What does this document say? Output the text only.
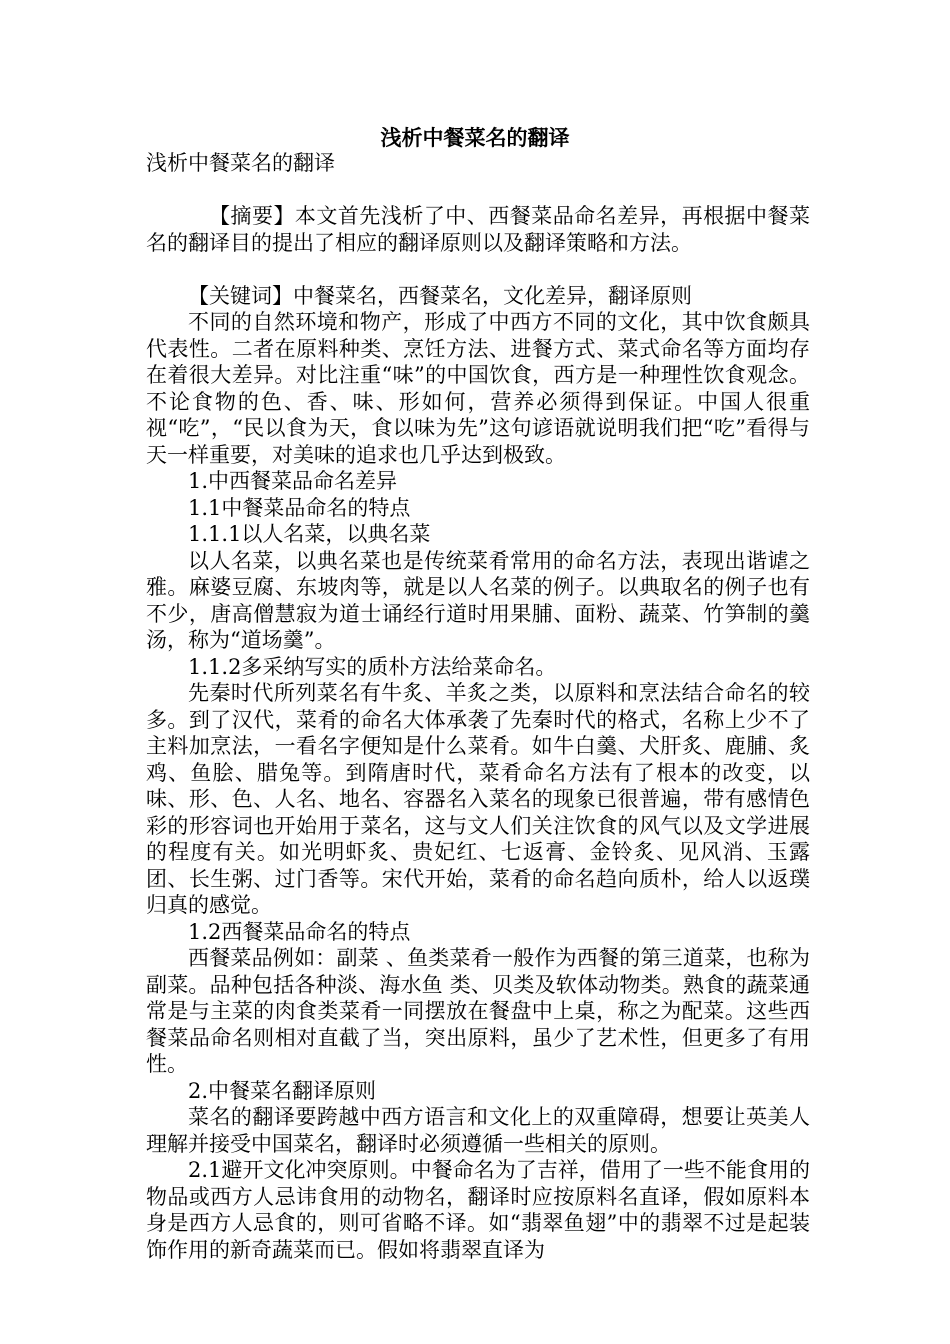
浅析中餐菜名的翻译

浅析中餐菜名的翻译

【摘要】本文首先浅析了中、西餐菜品命名差异，再根据中餐菜名的翻译目的提出了相应的翻译原则以及翻译策略和方法。

【关键词】中餐菜名，西餐菜名，文化差异，翻译原则

不同的自然环境和物产，形成了中西方不同的文化，其中饮食颇具代表性。二者在原料种类、烹饪方法、进餐方式、菜式命名等方面均存在着很大差异。对比注重“味”的中国饮食，西方是一种理性饮食观念。不论食物的色、香、味、形如何，营养必须得到保证。中国人很重视“吃”，“民以食为天，食以味为先”这句谚语就说明我们把“吃”看得与天一样重要，对美味的追求也几乎达到极致。

1.中西餐菜品命名差异

1.1中餐菜品命名的特点

1.1.1以人名菜，以典名菜

以人名菜，以典名菜也是传统菜肴常用的命名方法，表现出谐谑之雅。麻婆豆腐、东坡肉等，就是以人名菜的例子。以典取名的例子也有不少，唐高僧慧寂为道士诵经行道时用果脯、面粉、蔬菜、竹笋制的羹汤，称为“道场羹”。

1.1.2多采纳写实的质朴方法给菜命名。

先秦时代所列菜名有牛炙、羊炙之类，以原料和烹法结合命名的较多。到了汉代，菜肴的命名大体承袭了先秦时代的格式，名称上少不了主料加烹法，一看名字便知是什么菜肴。如牛白羹、犬肝炙、鹿脯、炙鸡、鱼脍、腊兔等。到隋唐时代，菜肴命名方法有了根本的改变，以味、形、色、人名、地名、容器名入菜名的现象已很普遍，带有感情色彩的形容词也开始用于菜名，这与文人们关注饮食的风气以及文学进展的程度有关。如光明虾炙、贵妃红、七返膏、金铃炙、见风消、玉露团、长生粥、过门香等。宋代开始，菜肴的命名趋向质朴，给人以返璞归真的感觉。

1.2西餐菜品命名的特点

西餐菜品例如：副菜 、鱼类菜肴一般作为西餐的第三道菜，也称为副菜。品种包括各种淡、海水鱼 类、贝类及软体动物类。熟食的蔬菜通常是与主菜的肉食类菜肴一同摆放在餐盘中上桌，称之为配菜。这些西餐菜品命名则相对直截了当，突出原料，虽少了艺术性，但更多了有用性。

2.中餐菜名翻译原则

菜名的翻译要跨越中西方语言和文化上的双重障碍，想要让英美人理解并接受中国菜名，翻译时必须遵循一些相关的原则。

2.1避开文化冲突原则。中餐命名为了吉祥，借用了一些不能食用的物品或西方人忌讳食用的动物名，翻译时应按原料名直译，假如原料本身是西方人忌食的，则可省略不译。如“翡翠鱼翅”中的翡翠不过是起装饰作用的新奇蔬菜而已。假如将翡翠直译为
